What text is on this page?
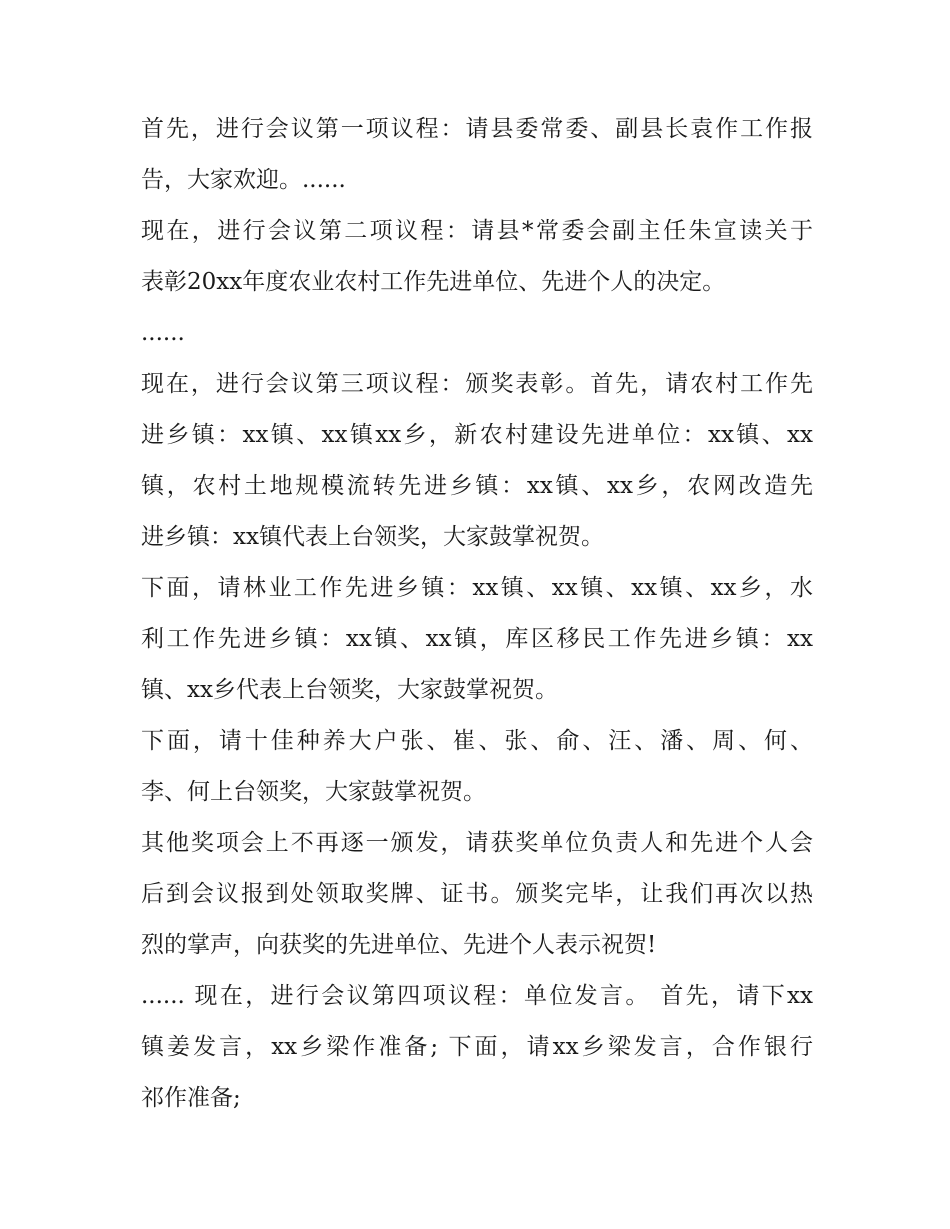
首先，进行会议第一项议程：请县委常委、副县长袁作工作报
告，大家欢迎。......
现在，进行会议第二项议程：请县*常委会副主任朱宣读关于
表彰20xx年度农业农村工作先进单位、先进个人的决定。
......
现在，进行会议第三项议程：颁奖表彰。首先，请农村工作先
进乡镇：xx镇、xx镇xx乡，新农村建设先进单位：xx镇、xx
镇，农村土地规模流转先进乡镇：xx镇、xx乡，农网改造先
进乡镇：xx镇代表上台领奖，大家鼓掌祝贺。
下面，请林业工作先进乡镇：xx镇、xx镇、xx镇、xx乡，水
利工作先进乡镇：xx镇、xx镇，库区移民工作先进乡镇：xx
镇、xx乡代表上台领奖，大家鼓掌祝贺。
下面，请十佳种养大户张、崔、张、俞、汪、潘、周、何、
李、何上台领奖，大家鼓掌祝贺。
其他奖项会上不再逐一颁发，请获奖单位负责人和先进个人会
后到会议报到处领取奖牌、证书。颁奖完毕，让我们再次以热
烈的掌声，向获奖的先进单位、先进个人表示祝贺!
...... 现在，进行会议第四项议程：单位发言。 首先，请下xx
镇姜发言，xx乡梁作准备; 下面，请xx乡梁发言，合作银行
祁作准备;
